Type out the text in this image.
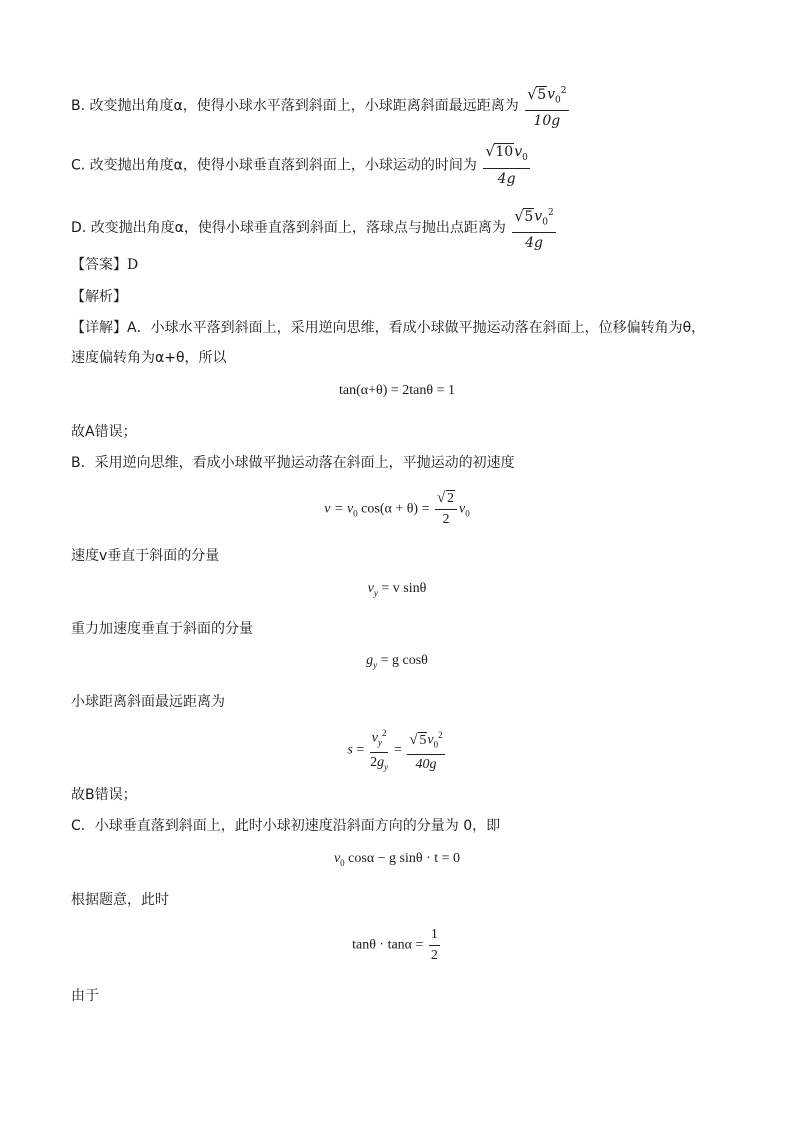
B. 改变抛出角度α，使得小球水平落到斜面上，小球距离斜面最远距离为 $\frac{√ 5v_0^2}{10g}$
C. 改变抛出角度α，使得小球垂直落到斜面上，小球运动的时间为 $\frac{√ 10v_0}{4g}$
D. 改变抛出角度α，使得小球垂直落到斜面上，落球点与抛出点距离为 $\frac{√ 5v_0^2}{4g}$
【答案】D
【解析】
【详解】A．小球水平落到斜面上，采用逆向思维，看成小球做平抛运动落在斜面上，位移偏转角为θ，
速度偏转角为α+θ，所以
tan(α+θ) = 2tanθ = 1
故A错误；
B．采用逆向思维，看成小球做平抛运动落在斜面上，平抛运动的初速度
$v = v_0$ $\cos(\alpha + \theta) = \frac{√ 2}{2} v_0$
速度v垂直于斜面的分量
$v_y = v$ sinθ
重力加速度垂直于斜面的分量
$g_y = g$ cosθ
小球距离斜面最远距离为
$s = \frac{v_y^2}{2g_y} = \frac{√ 5v_0^2}{40g}$
故B错误；
C．小球垂直落到斜面上，此时小球初速度沿斜面方向的分量为 0，即
$v_0$ cosα − g sinθ · t = 0
根据题意，此时
$\tan\theta \cdot \tan\alpha = \frac{1}{2}$
由于
